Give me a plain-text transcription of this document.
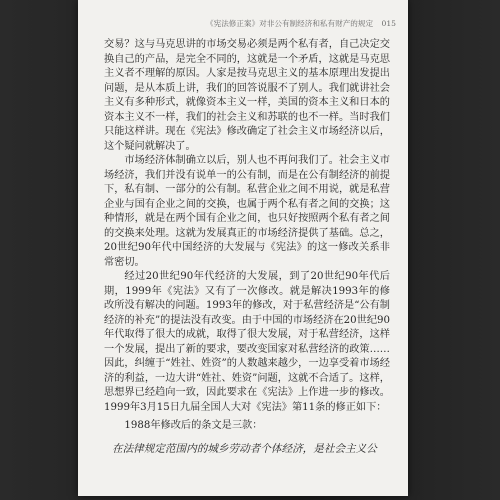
《宪法修正案》对非公有制经济和私有财产的规定 015

交易？这与马克思讲的市场交易必须是两个私有者，自己决定交换自己的产品，是完全不同的，这就是一个矛盾，这就是马克思主义者不理解的原因。人家是按马克思主义的基本原理出发提出问题，是从本质上讲，我们的回答说服不了别人。我们就讲社会主义有多种形式，就像资本主义一样，美国的资本主义和日本的资本主义不一样，我们的社会主义和苏联的也不一样。当时我们只能这样讲。现在《宪法》修改确定了社会主义市场经济以后，这个疑问就解决了。

市场经济体制确立以后，别人也不再问我们了。社会主义市场经济，我们并没有说单一的公有制，而是在公有制经济的前提下，私有制、一部分的公有制。私营企业之间不用说，就是私营企业与国有企业之间的交换，也属于两个私有者之间的交换；这种情形，就是在两个国有企业之间，也只好按照两个私有者之间的交换来处理。这就为发展真正的市场经济提供了基础。总之，20世纪90年代中国经济的大发展与《宪法》的这一修改关系非常密切。

经过20世纪90年代经济的大发展，到了20世纪90年代后期，1999年《宪法》又有了一次修改。就是解决1993年的修改所没有解决的问题。1993年的修改，对于私营经济是“公有制经济的补充”的提法没有改变。由于中国的市场经济在20世纪90年代取得了很大的成就，取得了很大发展，对于私营经济，这样一个发展，提出了新的要求，要改变国家对私营经济的政策……因此，纠缠于“姓社、姓资”的人数越来越少，一边享受着市场经济的利益，一边大讲“姓社、姓资”问题，这就不合适了。这样，思想界已经趋向一致，因此要求在《宪法》上作进一步的修改。1999年3月15日九届全国人大对《宪法》第11条的修正如下：

1988年修改后的条文是三款：

在法律规定范围内的城乡劳动者个体经济，是社会主义公
